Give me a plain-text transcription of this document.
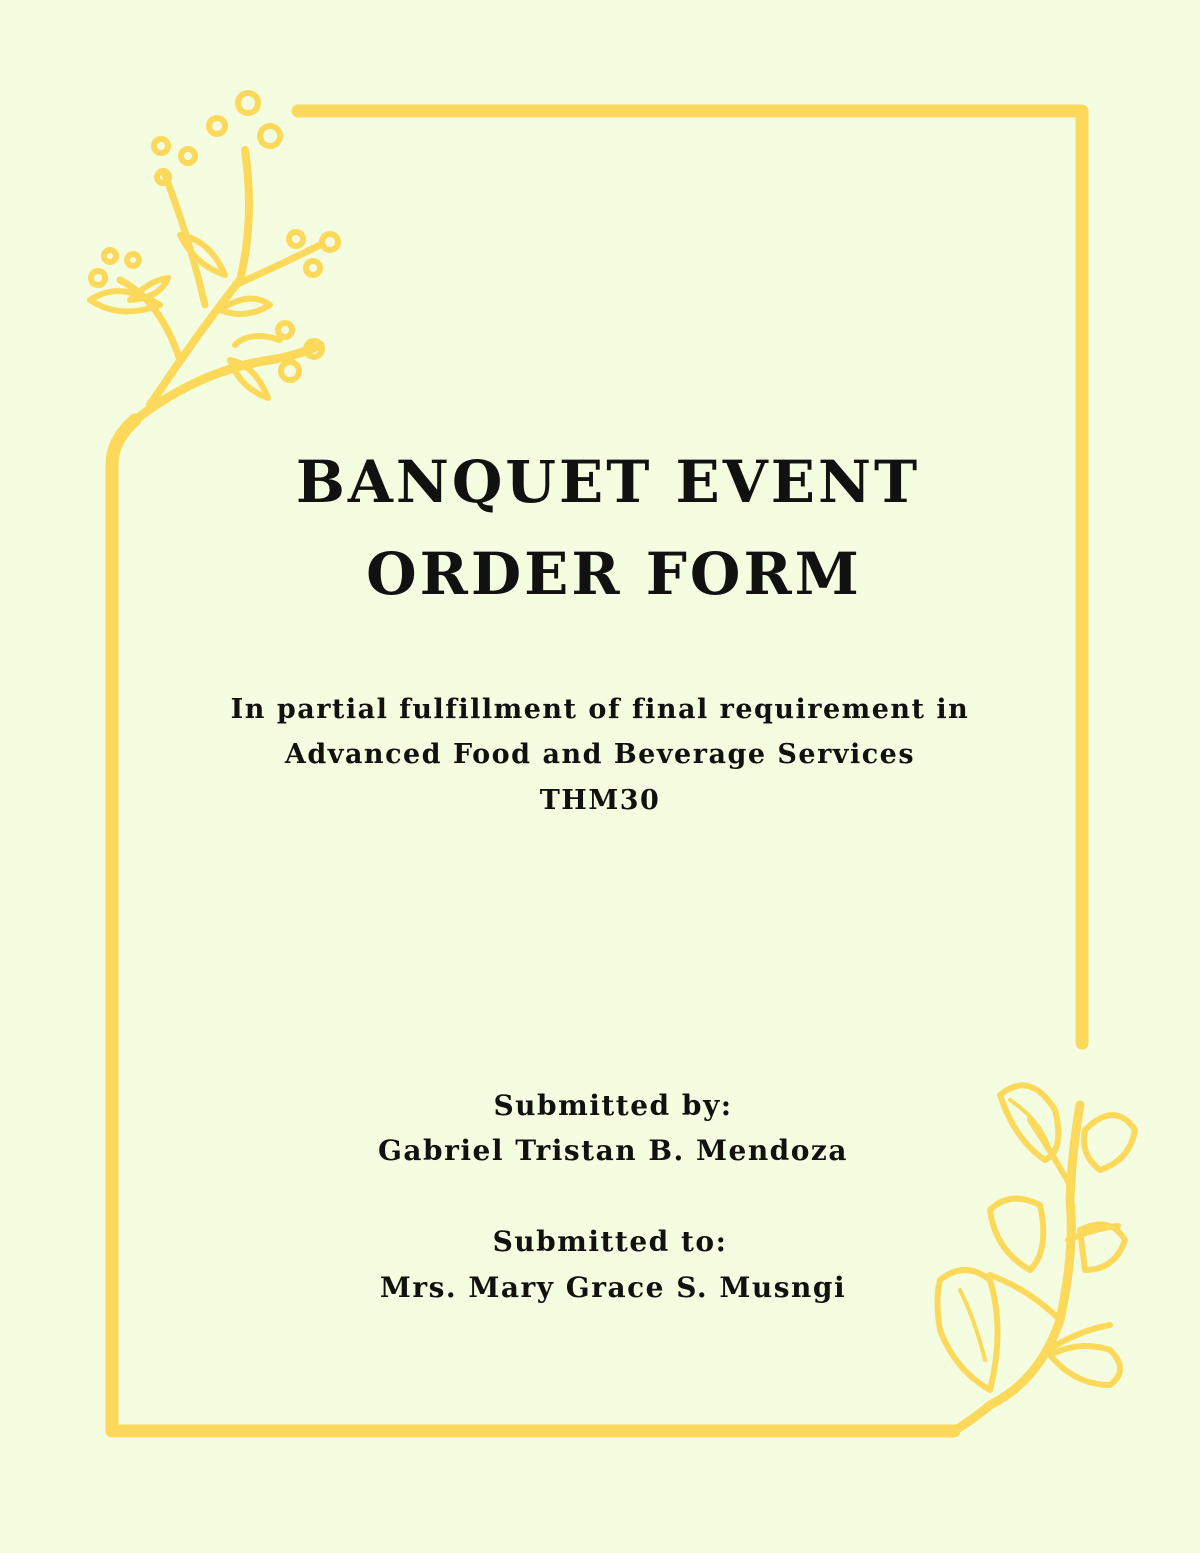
BANQUET EVENT
ORDER FORM
In partial fulfillment of final requirement in
Advanced Food and Beverage Services
THM30
Submitted by:
Gabriel Tristan B. Mendoza
Submitted to:
Mrs. Mary Grace S. Musngi
